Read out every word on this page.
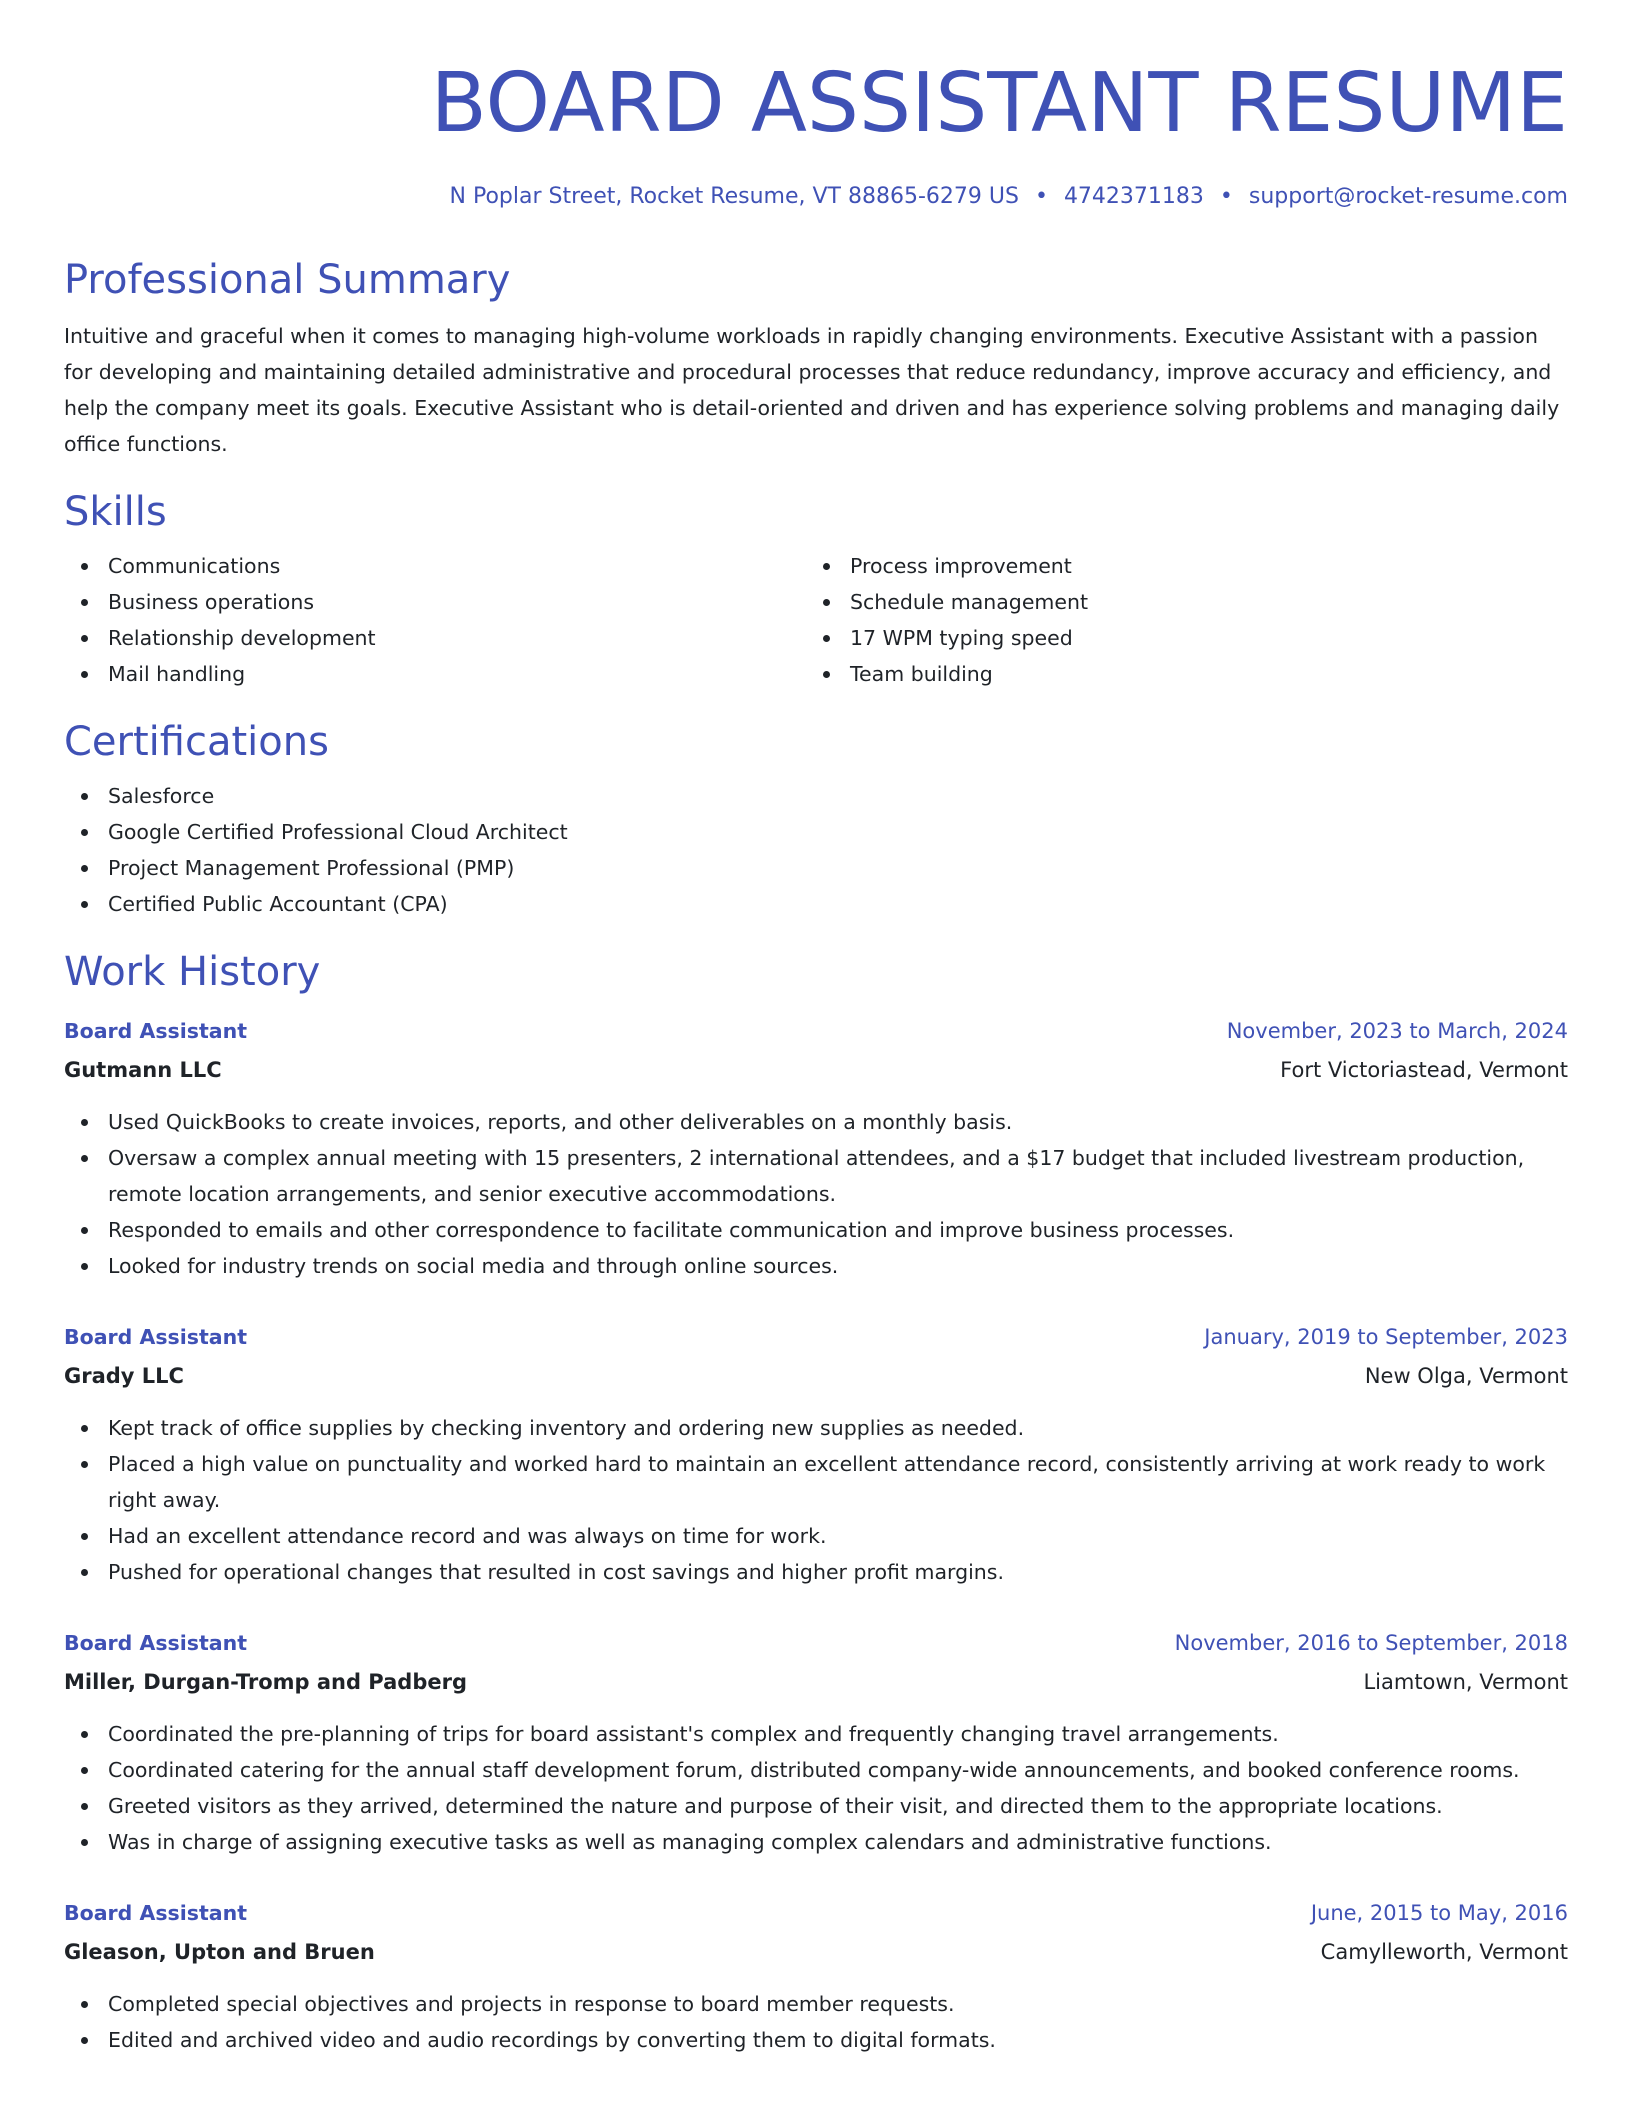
BOARD ASSISTANT RESUME
N Poplar Street, Rocket Resume, VT 88865-6279 US • 4742371183 • support@rocket-resume.com
Professional Summary
Intuitive and graceful when it comes to managing high-volume workloads in rapidly changing environments. Executive Assistant with a passion for developing and maintaining detailed administrative and procedural processes that reduce redundancy, improve accuracy and efficiency, and help the company meet its goals. Executive Assistant who is detail-oriented and driven and has experience solving problems and managing daily office functions.
Skills
Communications
Business operations
Relationship development
Mail handling
Process improvement
Schedule management
17 WPM typing speed
Team building
Certifications
Salesforce
Google Certified Professional Cloud Architect
Project Management Professional (PMP)
Certified Public Accountant (CPA)
Work History
Board Assistant	November, 2023 to March, 2024
Gutmann LLC	Fort Victoriastead, Vermont
Used QuickBooks to create invoices, reports, and other deliverables on a monthly basis.
Oversaw a complex annual meeting with 15 presenters, 2 international attendees, and a $17 budget that included livestream production, remote location arrangements, and senior executive accommodations.
Responded to emails and other correspondence to facilitate communication and improve business processes.
Looked for industry trends on social media and through online sources.
Board Assistant	January, 2019 to September, 2023
Grady LLC	New Olga, Vermont
Kept track of office supplies by checking inventory and ordering new supplies as needed.
Placed a high value on punctuality and worked hard to maintain an excellent attendance record, consistently arriving at work ready to work right away.
Had an excellent attendance record and was always on time for work.
Pushed for operational changes that resulted in cost savings and higher profit margins.
Board Assistant	November, 2016 to September, 2018
Miller, Durgan-Tromp and Padberg	Liamtown, Vermont
Coordinated the pre-planning of trips for board assistant's complex and frequently changing travel arrangements.
Coordinated catering for the annual staff development forum, distributed company-wide announcements, and booked conference rooms.
Greeted visitors as they arrived, determined the nature and purpose of their visit, and directed them to the appropriate locations.
Was in charge of assigning executive tasks as well as managing complex calendars and administrative functions.
Board Assistant	June, 2015 to May, 2016
Gleason, Upton and Bruen	Camylleworth, Vermont
Completed special objectives and projects in response to board member requests.
Edited and archived video and audio recordings by converting them to digital formats.
